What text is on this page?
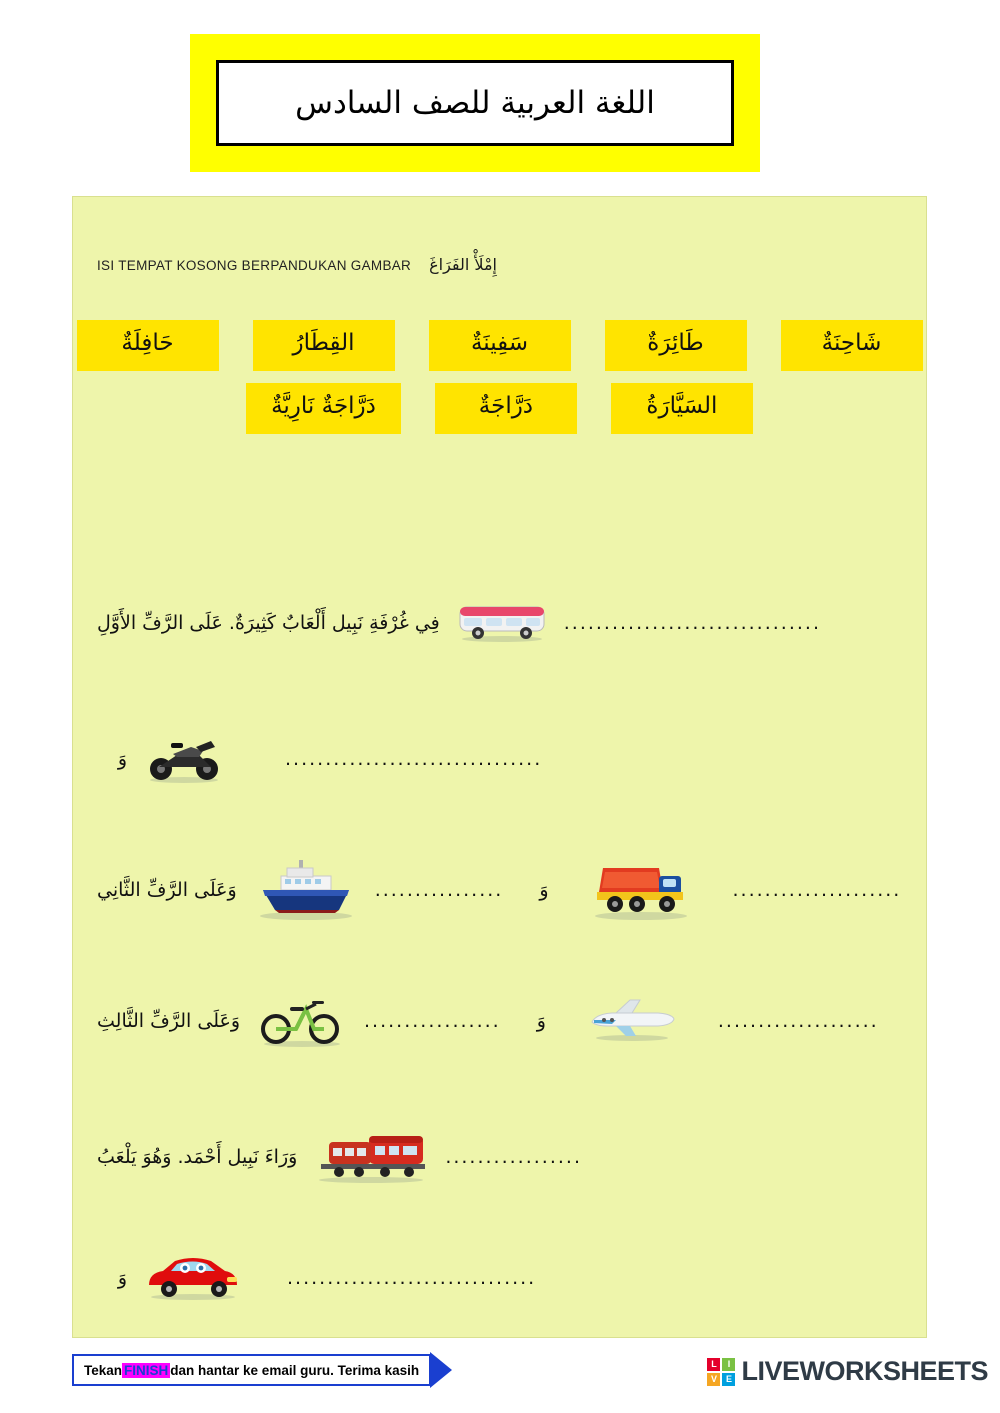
اللغة العربية للصف السادس
إِمْلَأْ الفَرَاغَ
ISI TEMPAT KOSONG BERPANDUKAN GAMBAR
شَاحِنَةٌ
طَائِرَةٌ
سَفِينَةٌ
القِطَارُ
حَافِلَةٌ
السَيَّارَةُ
دَرَّاجَةٌ
دَرَّاجَةٌ نَارِيَّةٌ
فِي غُرْفَةِ نَبِيل أَلْعَابٌ كَثِيرَةٌ. عَلَى الرَّفِّ الأَوَّلِ	................................
وَ	................................
وَعَلَى الرَّفِّ الثَّانِي	................ وَ	.....................
وَعَلَى الرَّفِّ الثَّالِثِ	................. وَ	....................
وَرَاءَ نَبِيل أَحْمَد. وَهُوَ يَلْعَبُ	.................
وَ	...............................
Tekan FINISH dan hantar ke email guru. Terima kasih	L	I
V E LIVEWORKSHEETS
